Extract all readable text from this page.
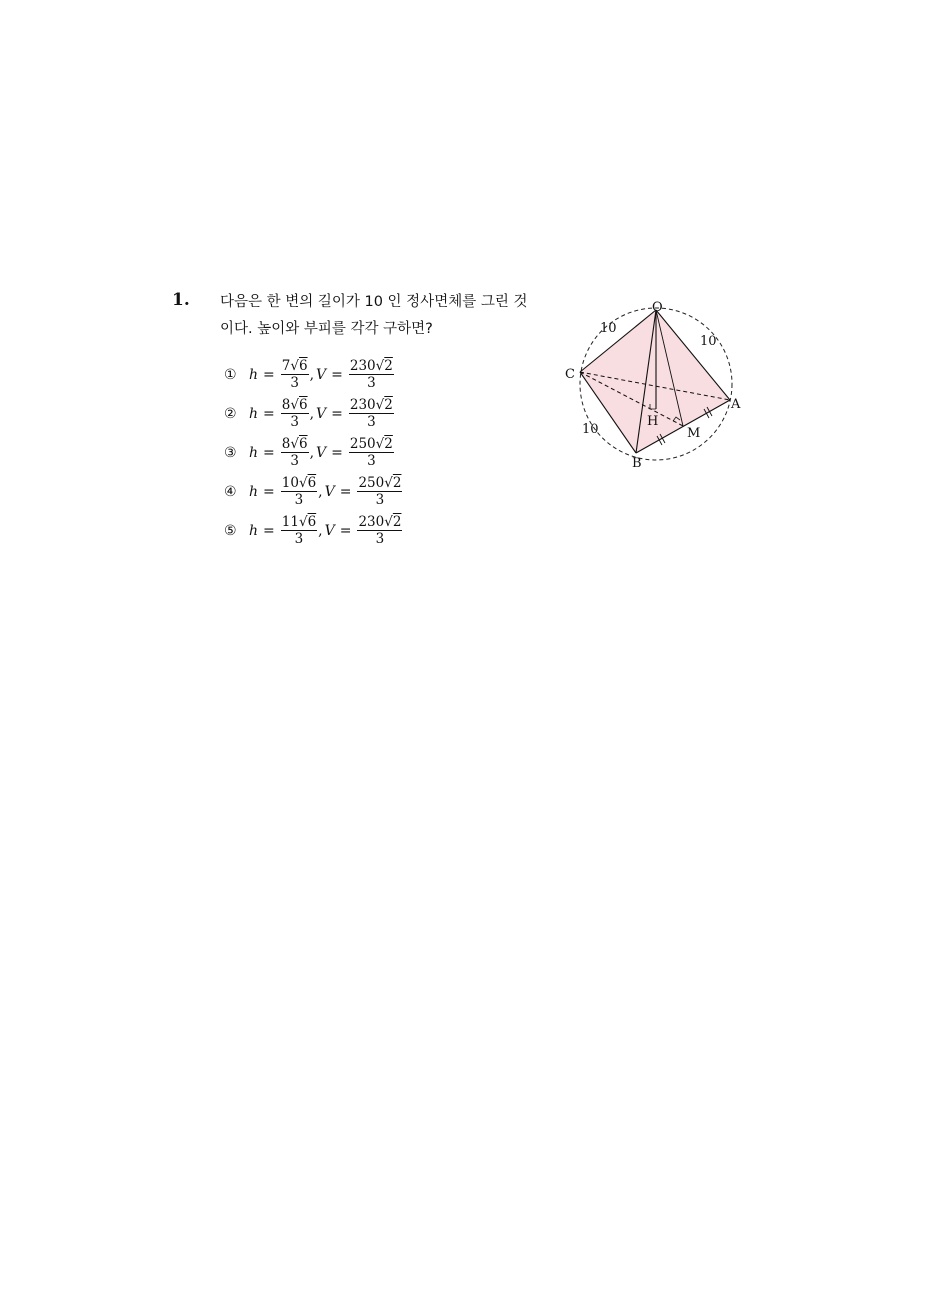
1. 다음은 한 변의 길이가 10 인 정사면체를 그린 것
이다. 높이와 부피를 각각 구하면?
① $h = \frac{7√6}{3}$ , $V = \frac{230√2}{3}$
② $h = \frac{8√6}{3}$ , $V = \frac{230√2}{3}$
③ $h = \frac{8√6}{3}$ , $V = \frac{250√2}{3}$
④ $h = \frac{10√6}{3}$ , $V = \frac{250√2}{3}$
⑤ $h = \frac{11√6}{3}$ , $V = \frac{230√2}{3}$
O
C
A
B
H
M
10
10
10
